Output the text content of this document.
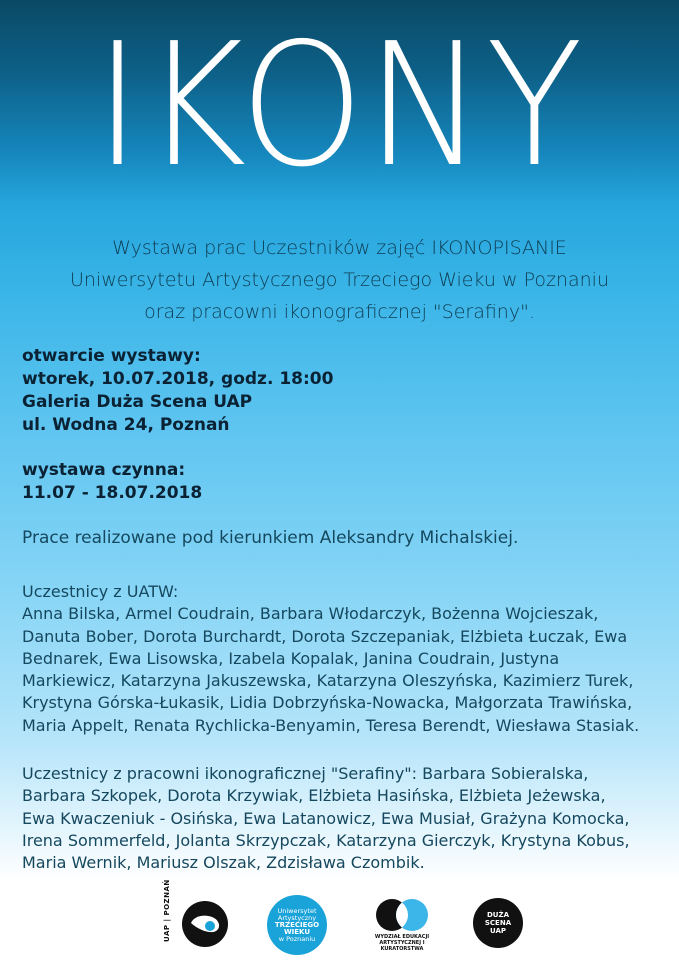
IKONY
Wystawa prac Uczestników zajęć IKONOPISANIE
Uniwersytetu Artystycznego Trzeciego Wieku w Poznaniu
oraz pracowni ikonograficznej "Serafiny".
otwarcie wystawy:
wtorek, 10.07.2018, godz. 18:00
Galeria Duża Scena UAP
ul. Wodna 24, Poznań
wystawa czynna:
11.07 - 18.07.2018
Prace realizowane pod kierunkiem Aleksandry Michalskiej.
Uczestnicy z UATW:
Anna Bilska, Armel Coudrain, Barbara Włodarczyk, Bożenna Wojcieszak,
Danuta Bober, Dorota Burchardt, Dorota Szczepaniak, Elżbieta Łuczak, Ewa
Bednarek, Ewa Lisowska, Izabela Kopalak, Janina Coudrain, Justyna
Markiewicz, Katarzyna Jakuszewska, Katarzyna Oleszyńska, Kazimierz Turek,
Krystyna Górska-Łukasik, Lidia Dobrzyńska-Nowacka, Małgorzata Trawińska,
Maria Appelt, Renata Rychlicka-Benyamin, Teresa Berendt, Wiesława Stasiak.
Uczestnicy z pracowni ikonograficznej "Serafiny": Barbara Sobieralska,
Barbara Szkopek, Dorota Krzywiak, Elżbieta Hasińska, Elżbieta Jeżewska,
Ewa Kwaczeniuk - Osińska, Ewa Latanowicz, Ewa Musiał, Grażyna Komocka,
Irena Sommerfeld, Jolanta Skrzypczak, Katarzyna Gierczyk, Krystyna Kobus,
Maria Wernik, Mariusz Olszak, Zdzisława Czombik.
UAP | POZNAŃ	Uniwersytet
Artystyczny
TRZECIEGO
WIEKU
w Poznaniu	WYDZIAŁ EDUKACJI
ARTYSTYCZNEJ I KURATORSTWA
DUŻA
SCENA
UAP
